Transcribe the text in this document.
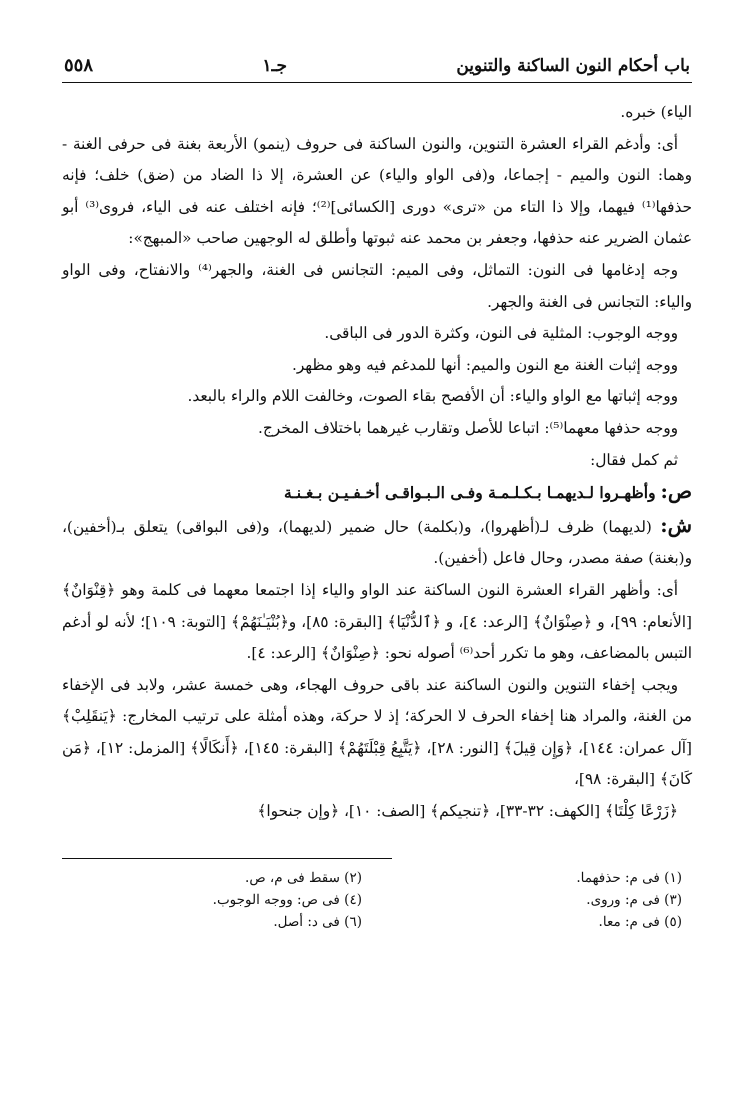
باب أحكام النون الساكنة والتنوين
جـ١
٥٥٨

الياء) خبره.

أى: وأدغم القراء العشرة التنوين، والنون الساكنة فى حروف (ينمو) الأربعة بغنة فى حرفى الغنة - وهما: النون والميم - إجماعا، و(فى الواو والياء) عن العشرة، إلا ذا الضاد من (ضق) خلف؛ فإنه حذفها⁽¹⁾ فيهما، وإلا ذا التاء من «ترى» دورى [الكسائى]⁽²⁾؛ فإنه اختلف عنه فى الياء، فروى⁽³⁾ أبو عثمان الضرير عنه حذفها، وجعفر بن محمد عنه ثبوتها وأطلق له الوجهين صاحب «المبهج»:

وجه إدغامها فى النون: التماثل، وفى الميم: التجانس فى الغنة، والجهر⁽⁴⁾ والانفتاح، وفى الواو والياء: التجانس فى الغنة والجهر.

ووجه الوجوب: المثلية فى النون، وكثرة الدور فى الباقى.

ووجه إثبات الغنة مع النون والميم: أنها للمدغم فيه وهو مظهر.

ووجه إثباتها مع الواو والياء: أن الأفصح بقاء الصوت، وخالفت اللام والراء بالبعد.

ووجه حذفها معهما⁽⁵⁾: اتباعا للأصل وتقارب غيرهما باختلاف المخرج.

ثم كمل فقال:

ص: وأظهـروا لـديهمـا بـكـلـمـة وفـى الـبـواقـى أخـفـيـن بـغـنـة

ش: (لديهما) ظرف لـ(أظهروا)، و(بكلمة) حال ضمير (لديهما)، و(فى البواقى) يتعلق بـ(أخفين)، و(بغنة) صفة مصدر، وحال فاعل (أخفين).

أى: وأظهر القراء العشرة النون الساكنة عند الواو والياء إذا اجتمعا معهما فى كلمة وهو ﴿قِنْوَانٌ﴾ [الأنعام: ٩٩]، و ﴿صِنْوَانٌ﴾ [الرعد: ٤]، و ﴿ٱلدُّنْيَا﴾ [البقرة: ٨٥]، و﴿بُنْيَـٰنَهُمْ﴾ [التوبة: ١٠٩]؛ لأنه لو أدغم التبس بالمضاعف، وهو ما تكرر أحد⁽⁶⁾ أصوله نحو: ﴿صِنْوَانٌ﴾ [الرعد: ٤].

ويجب إخفاء التنوين والنون الساكنة عند باقى حروف الهجاء، وهى خمسة عشر، ولابد فى الإخفاء من الغنة، والمراد هنا إخفاء الحرف لا الحركة؛ إذ لا حركة، وهذه أمثلة على ترتيب المخارج: ﴿يَنقَلِبْ﴾ [آل عمران: ١٤٤]، ﴿وَإِن قِيلَ﴾ [النور: ٢٨]، ﴿يَتَّبِعُ قِبْلَتَهُمْ﴾ [البقرة: ١٤٥]، ﴿أَنكَالًا﴾ [المزمل: ١٢]، ﴿مَن كَانَ﴾ [البقرة: ٩٨]،

﴿زَرْعًا كِلْتَا﴾ [الكهف: ٣٢-٣٣]، ﴿تنجيكم﴾ [الصف: ١٠]، ﴿وإن جنحوا﴾

(١) فى م: حذفهما.
(٢) سقط فى م، ص.
(٣) فى م: وروى.
(٤) فى ص: ووجه الوجوب.
(٥) فى م: معا.
(٦) فى د: أصل.
